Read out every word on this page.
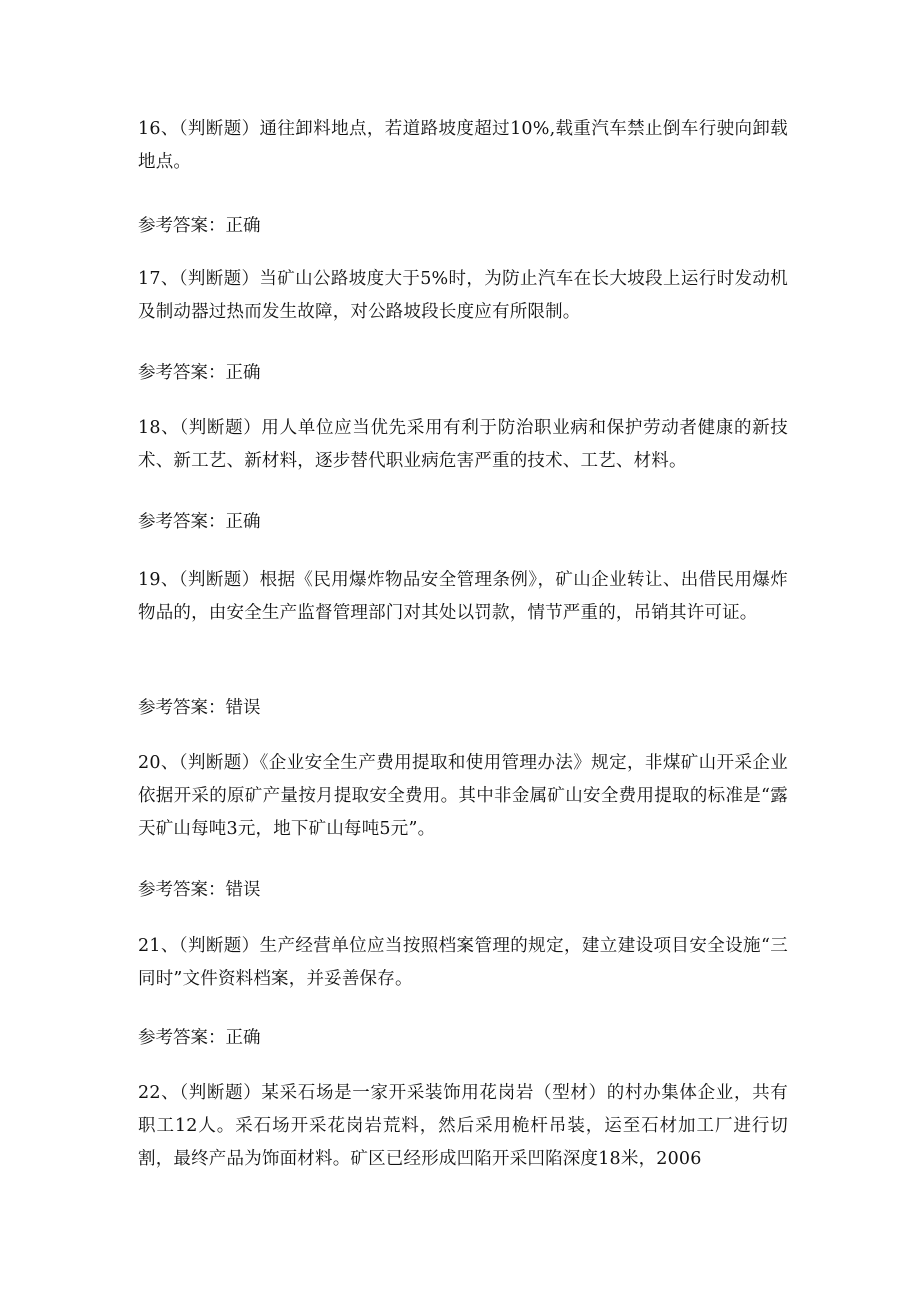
16、（判断题）通往卸料地点，若道路坡度超过10%,载重汽车禁止倒车行驶向卸载地点。

参考答案：正确

17、（判断题）当矿山公路坡度大于5%时，为防止汽车在长大坡段上运行时发动机及制动器过热而发生故障，对公路坡段长度应有所限制。

参考答案：正确

18、（判断题）用人单位应当优先采用有利于防治职业病和保护劳动者健康的新技术、新工艺、新材料，逐步替代职业病危害严重的技术、工艺、材料。

参考答案：正确

19、（判断题）根据《民用爆炸物品安全管理条例》，矿山企业转让、出借民用爆炸物品的，由安全生产监督管理部门对其处以罚款，情节严重的，吊销其许可证。

参考答案：错误

20、（判断题）《企业安全生产费用提取和使用管理办法》规定，非煤矿山开采企业依据开采的原矿产量按月提取安全费用。其中非金属矿山安全费用提取的标准是“露天矿山每吨3元，地下矿山每吨5元”。

参考答案：错误

21、（判断题）生产经营单位应当按照档案管理的规定，建立建设项目安全设施“三同时”文件资料档案，并妥善保存。

参考答案：正确

22、（判断题）某采石场是一家开采装饰用花岗岩（型材）的村办集体企业，共有职工12人。采石场开采花岗岩荒料，然后采用桅杆吊装，运至石材加工厂进行切割，最终产品为饰面材料。矿区已经形成凹陷开采凹陷深度18米，2006
